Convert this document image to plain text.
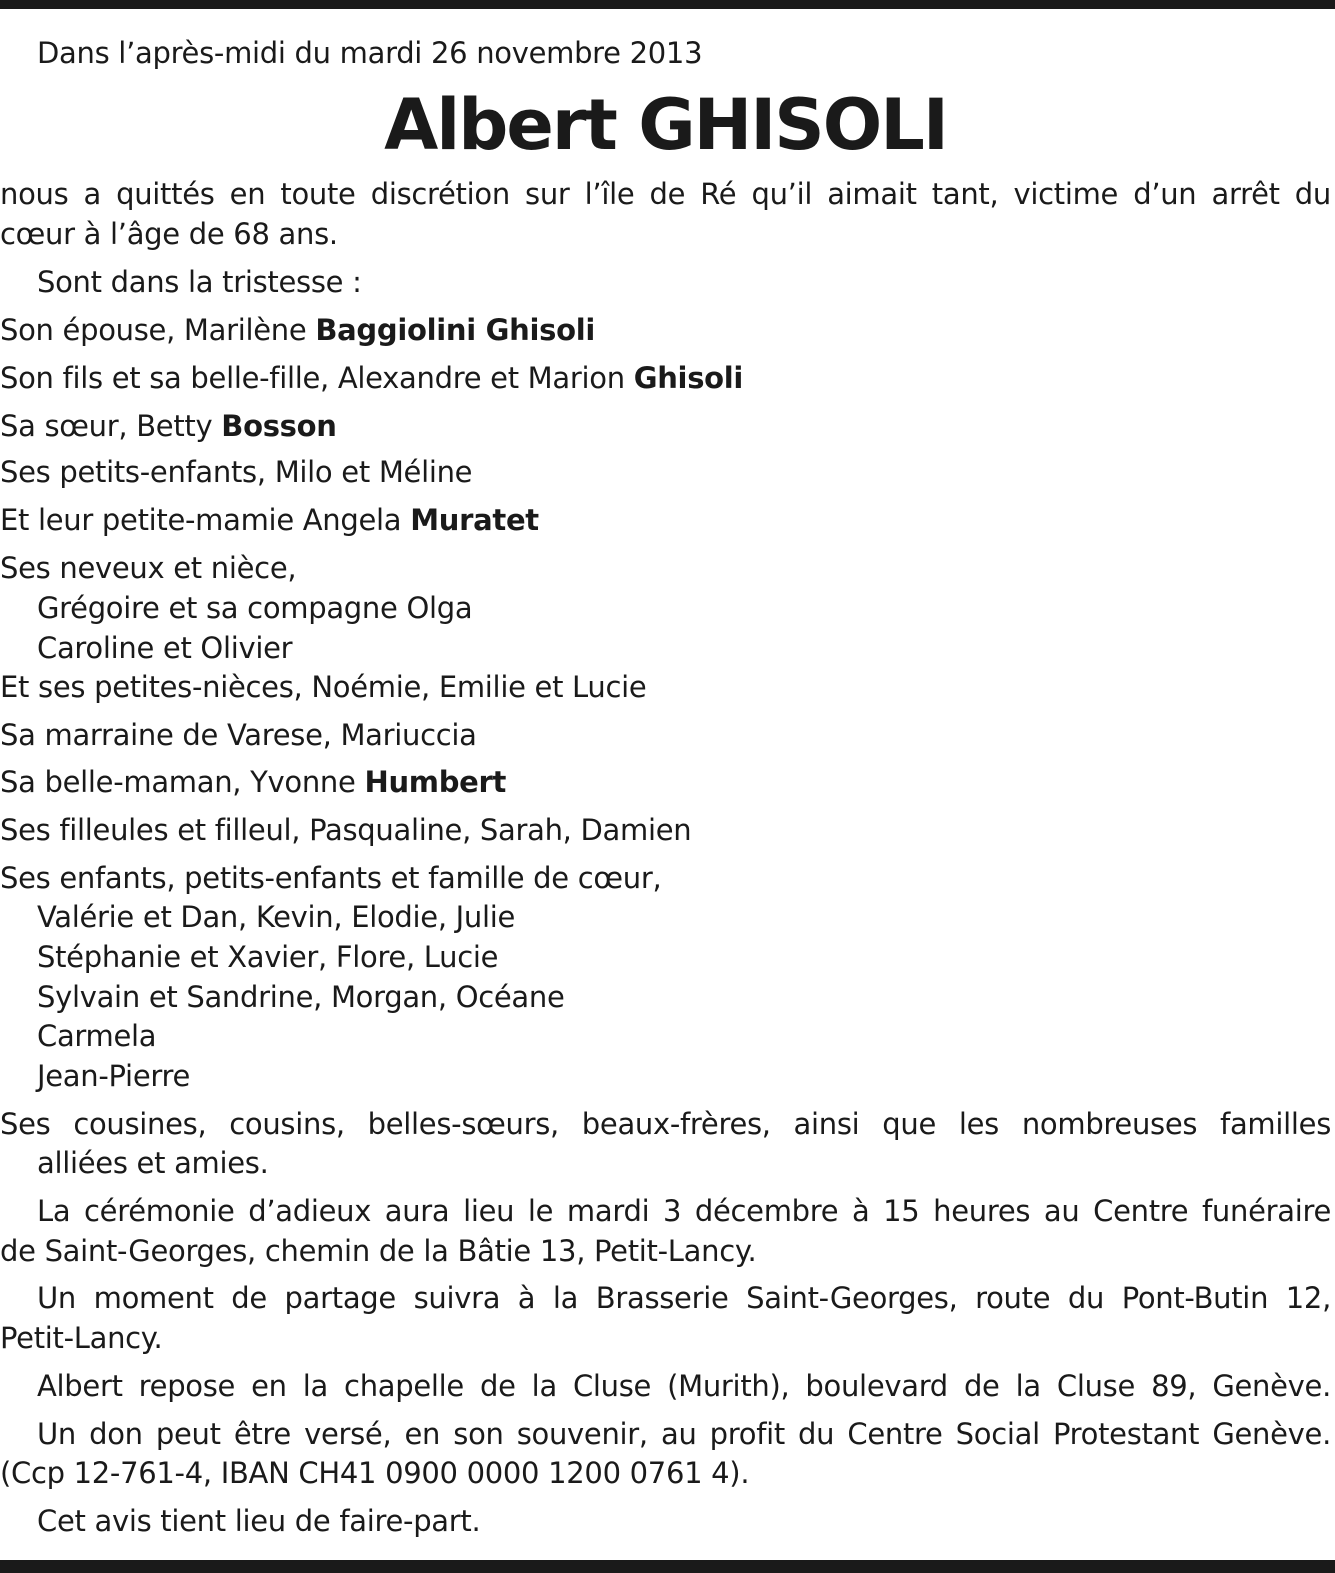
Dans l’après-midi du mardi 26 novembre 2013
Albert GHISOLI
nous a quittés en toute discrétion sur l’île de Ré qu’il aimait tant, victime d’un arrêt du
cœur à l’âge de 68 ans.
Sont dans la tristesse :
Son épouse, Marilène Baggiolini Ghisoli
Son fils et sa belle-fille, Alexandre et Marion Ghisoli
Sa sœur, Betty Bosson
Ses petits-enfants, Milo et Méline
Et leur petite-mamie Angela Muratet
Ses neveux et nièce,
Grégoire et sa compagne Olga
Caroline et Olivier
Et ses petites-nièces, Noémie, Emilie et Lucie
Sa marraine de Varese, Mariuccia
Sa belle-maman, Yvonne Humbert
Ses filleules et filleul, Pasqualine, Sarah, Damien
Ses enfants, petits-enfants et famille de cœur,
Valérie et Dan, Kevin, Elodie, Julie
Stéphanie et Xavier, Flore, Lucie
Sylvain et Sandrine, Morgan, Océane
Carmela
Jean-Pierre
Ses cousines, cousins, belles-sœurs, beaux-frères, ainsi que les nombreuses familles
alliées et amies.
La cérémonie d’adieux aura lieu le mardi 3 décembre à 15 heures au Centre funéraire
de Saint-Georges, chemin de la Bâtie 13, Petit-Lancy.
Un moment de partage suivra à la Brasserie Saint-Georges, route du Pont-Butin 12,
Petit-Lancy.
Albert repose en la chapelle de la Cluse (Murith), boulevard de la Cluse 89, Genève.
Un don peut être versé, en son souvenir, au profit du Centre Social Protestant Genève.
(Ccp 12-761-4, IBAN CH41 0900 0000 1200 0761 4).
Cet avis tient lieu de faire-part.
